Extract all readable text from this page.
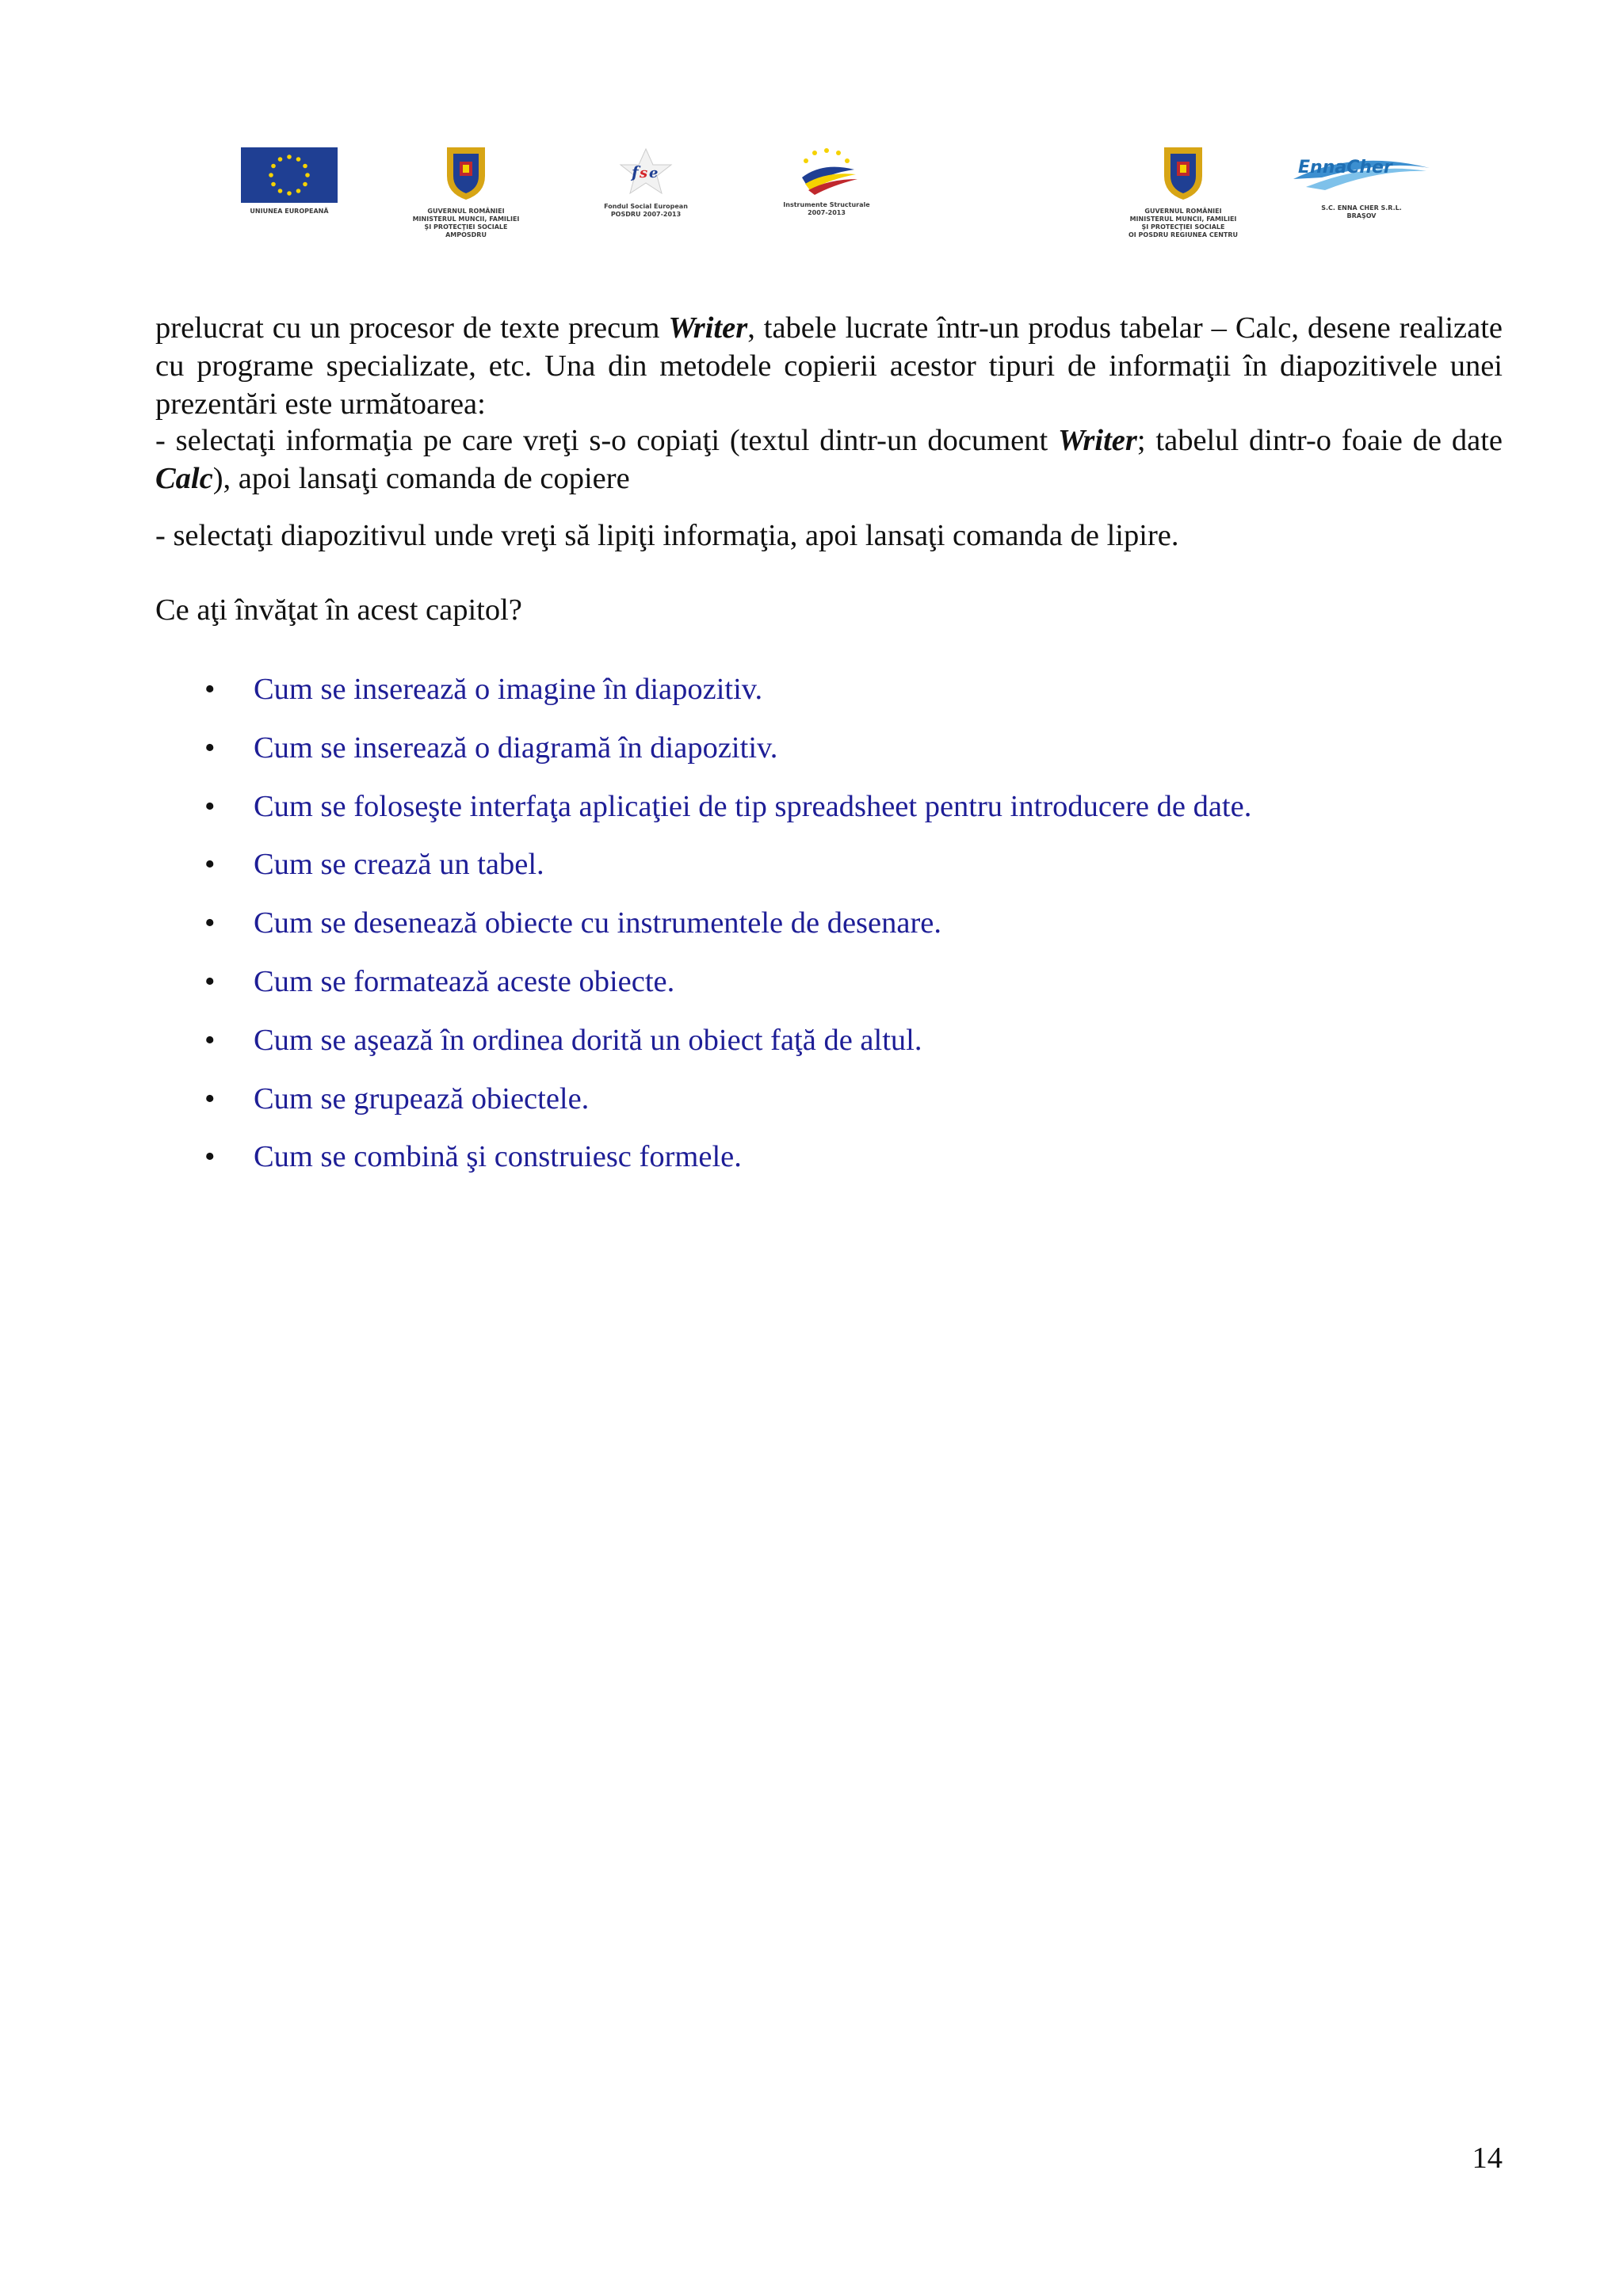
UNIUNEA EUROPEANĂ	GUVERNUL ROMÂNIEI
MINISTERUL MUNCII, FAMILIEI
ŞI PROTECŢIEI SOCIALE
AMPOSDRU
f s e
Fondul Social European
POSDRU 2007-2013
Instrumente Structurale
2007-2013	GUVERNUL ROMÂNIEI
MINISTERUL MUNCII, FAMILIEI
ŞI PROTECŢIEI SOCIALE
OI POSDRU REGIUNEA CENTRU
EnnaCher
S.C. ENNA CHER S.R.L.
BRAŞOV
prelucrat cu un procesor de texte precum Writer, tabele lucrate într-un produs tabelar – Calc, desene realizate cu programe specializate, etc. Una din metodele copierii acestor tipuri de informaţii în diapozitivele unei prezentări este următoarea:
- selectaţi informaţia pe care vreţi s-o copiaţi (textul dintr-un document Writer; tabelul dintr-o foaie de date Calc), apoi lansaţi comanda de copiere
- selectaţi diapozitivul unde vreţi să lipiţi informaţia, apoi lansaţi comanda de lipire.
Ce aţi învăţat în acest capitol?
• Cum se inserează o imagine în diapozitiv.
• Cum se inserează o diagramă în diapozitiv.
• Cum se foloseşte interfaţa aplicaţiei de tip spreadsheet pentru introducere de date.
• Cum se crează un tabel.
• Cum se desenează obiecte cu instrumentele de desenare.
• Cum se formatează aceste obiecte.
• Cum se aşează în ordinea dorită un obiect faţă de altul.
• Cum se grupează obiectele.
• Cum se combină şi construiesc formele.
14
